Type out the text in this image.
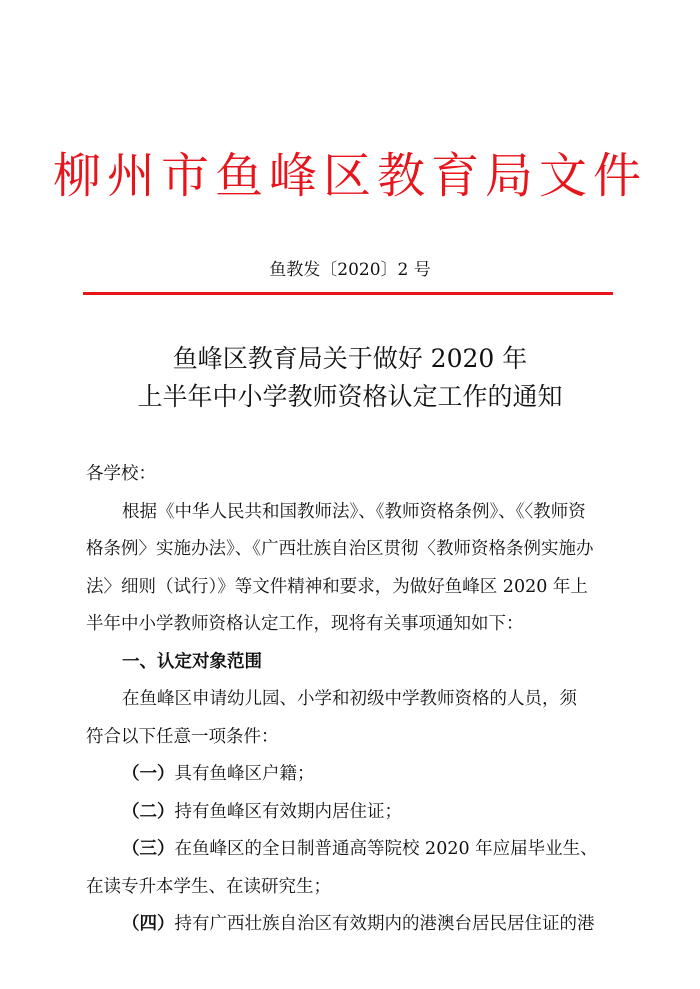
柳州市鱼峰区教育局文件
鱼教发〔2020〕2 号
鱼峰区教育局关于做好 2020 年
上半年中小学教师资格认定工作的通知

各学校：

根据《中华人民共和国教师法》、《教师资格条例》、《〈教师资

格条例〉实施办法》、《广西壮族自治区贯彻〈教师资格条例实施办

法〉细则（试行）》等文件精神和要求，为做好鱼峰区 2020 年上

半年中小学教师资格认定工作，现将有关事项通知如下：

一、认定对象范围

在鱼峰区申请幼儿园、小学和初级中学教师资格的人员，须

符合以下任意一项条件：

（一）具有鱼峰区户籍；

（二）持有鱼峰区有效期内居住证；

（三）在鱼峰区的全日制普通高等院校 2020 年应届毕业生、

在读专升本学生、在读研究生；

（四）持有广西壮族自治区有效期内的港澳台居民居住证的港
